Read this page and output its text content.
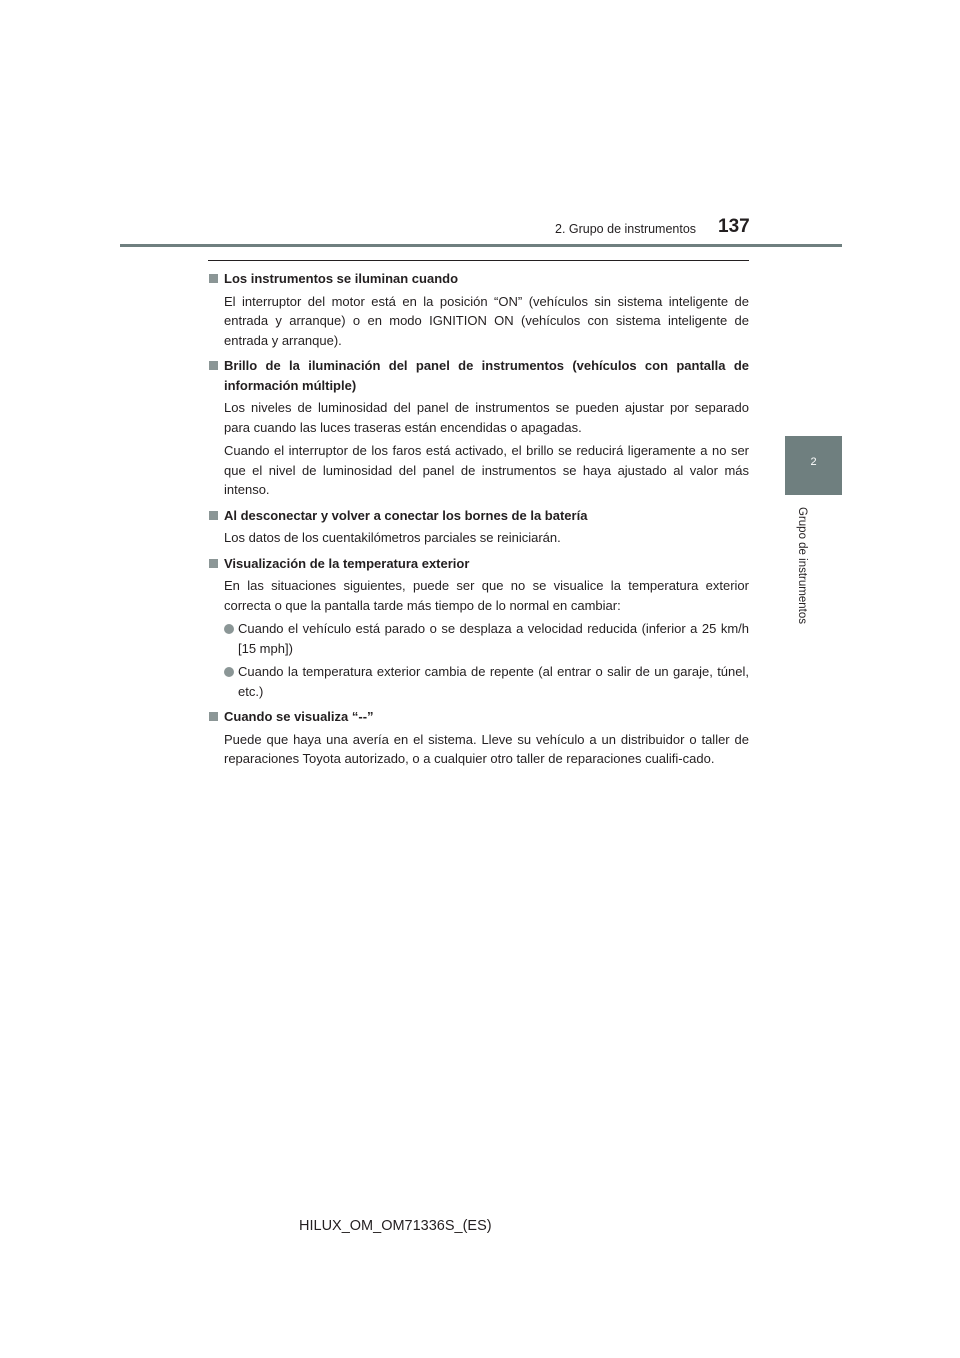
2. Grupo de instrumentos 137
2
Grupo de instrumentos
Los instrumentos se iluminan cuando
El interruptor del motor está en la posición “ON” (vehículos sin sistema inteligente de entrada y arranque) o en modo IGNITION ON (vehículos con sistema inteligente de entrada y arranque).
Brillo de la iluminación del panel de instrumentos (vehículos con pantalla de información múltiple)
Los niveles de luminosidad del panel de instrumentos se pueden ajustar por separado para cuando las luces traseras están encendidas o apagadas.
Cuando el interruptor de los faros está activado, el brillo se reducirá ligeramente a no ser que el nivel de luminosidad del panel de instrumentos se haya ajustado al valor más intenso.
Al desconectar y volver a conectar los bornes de la batería
Los datos de los cuentakilómetros parciales se reiniciarán.
Visualización de la temperatura exterior
En las situaciones siguientes, puede ser que no se visualice la temperatura exterior correcta o que la pantalla tarde más tiempo de lo normal en cambiar:
Cuando el vehículo está parado o se desplaza a velocidad reducida (inferior a 25 km/h [15 mph])
Cuando la temperatura exterior cambia de repente (al entrar o salir de un garaje, túnel, etc.)
Cuando se visualiza “--”
Puede que haya una avería en el sistema. Lleve su vehículo a un distribuidor o taller de reparaciones Toyota autorizado, o a cualquier otro taller de reparaciones cualifi-cado.
HILUX_OM_OM71336S_(ES)
